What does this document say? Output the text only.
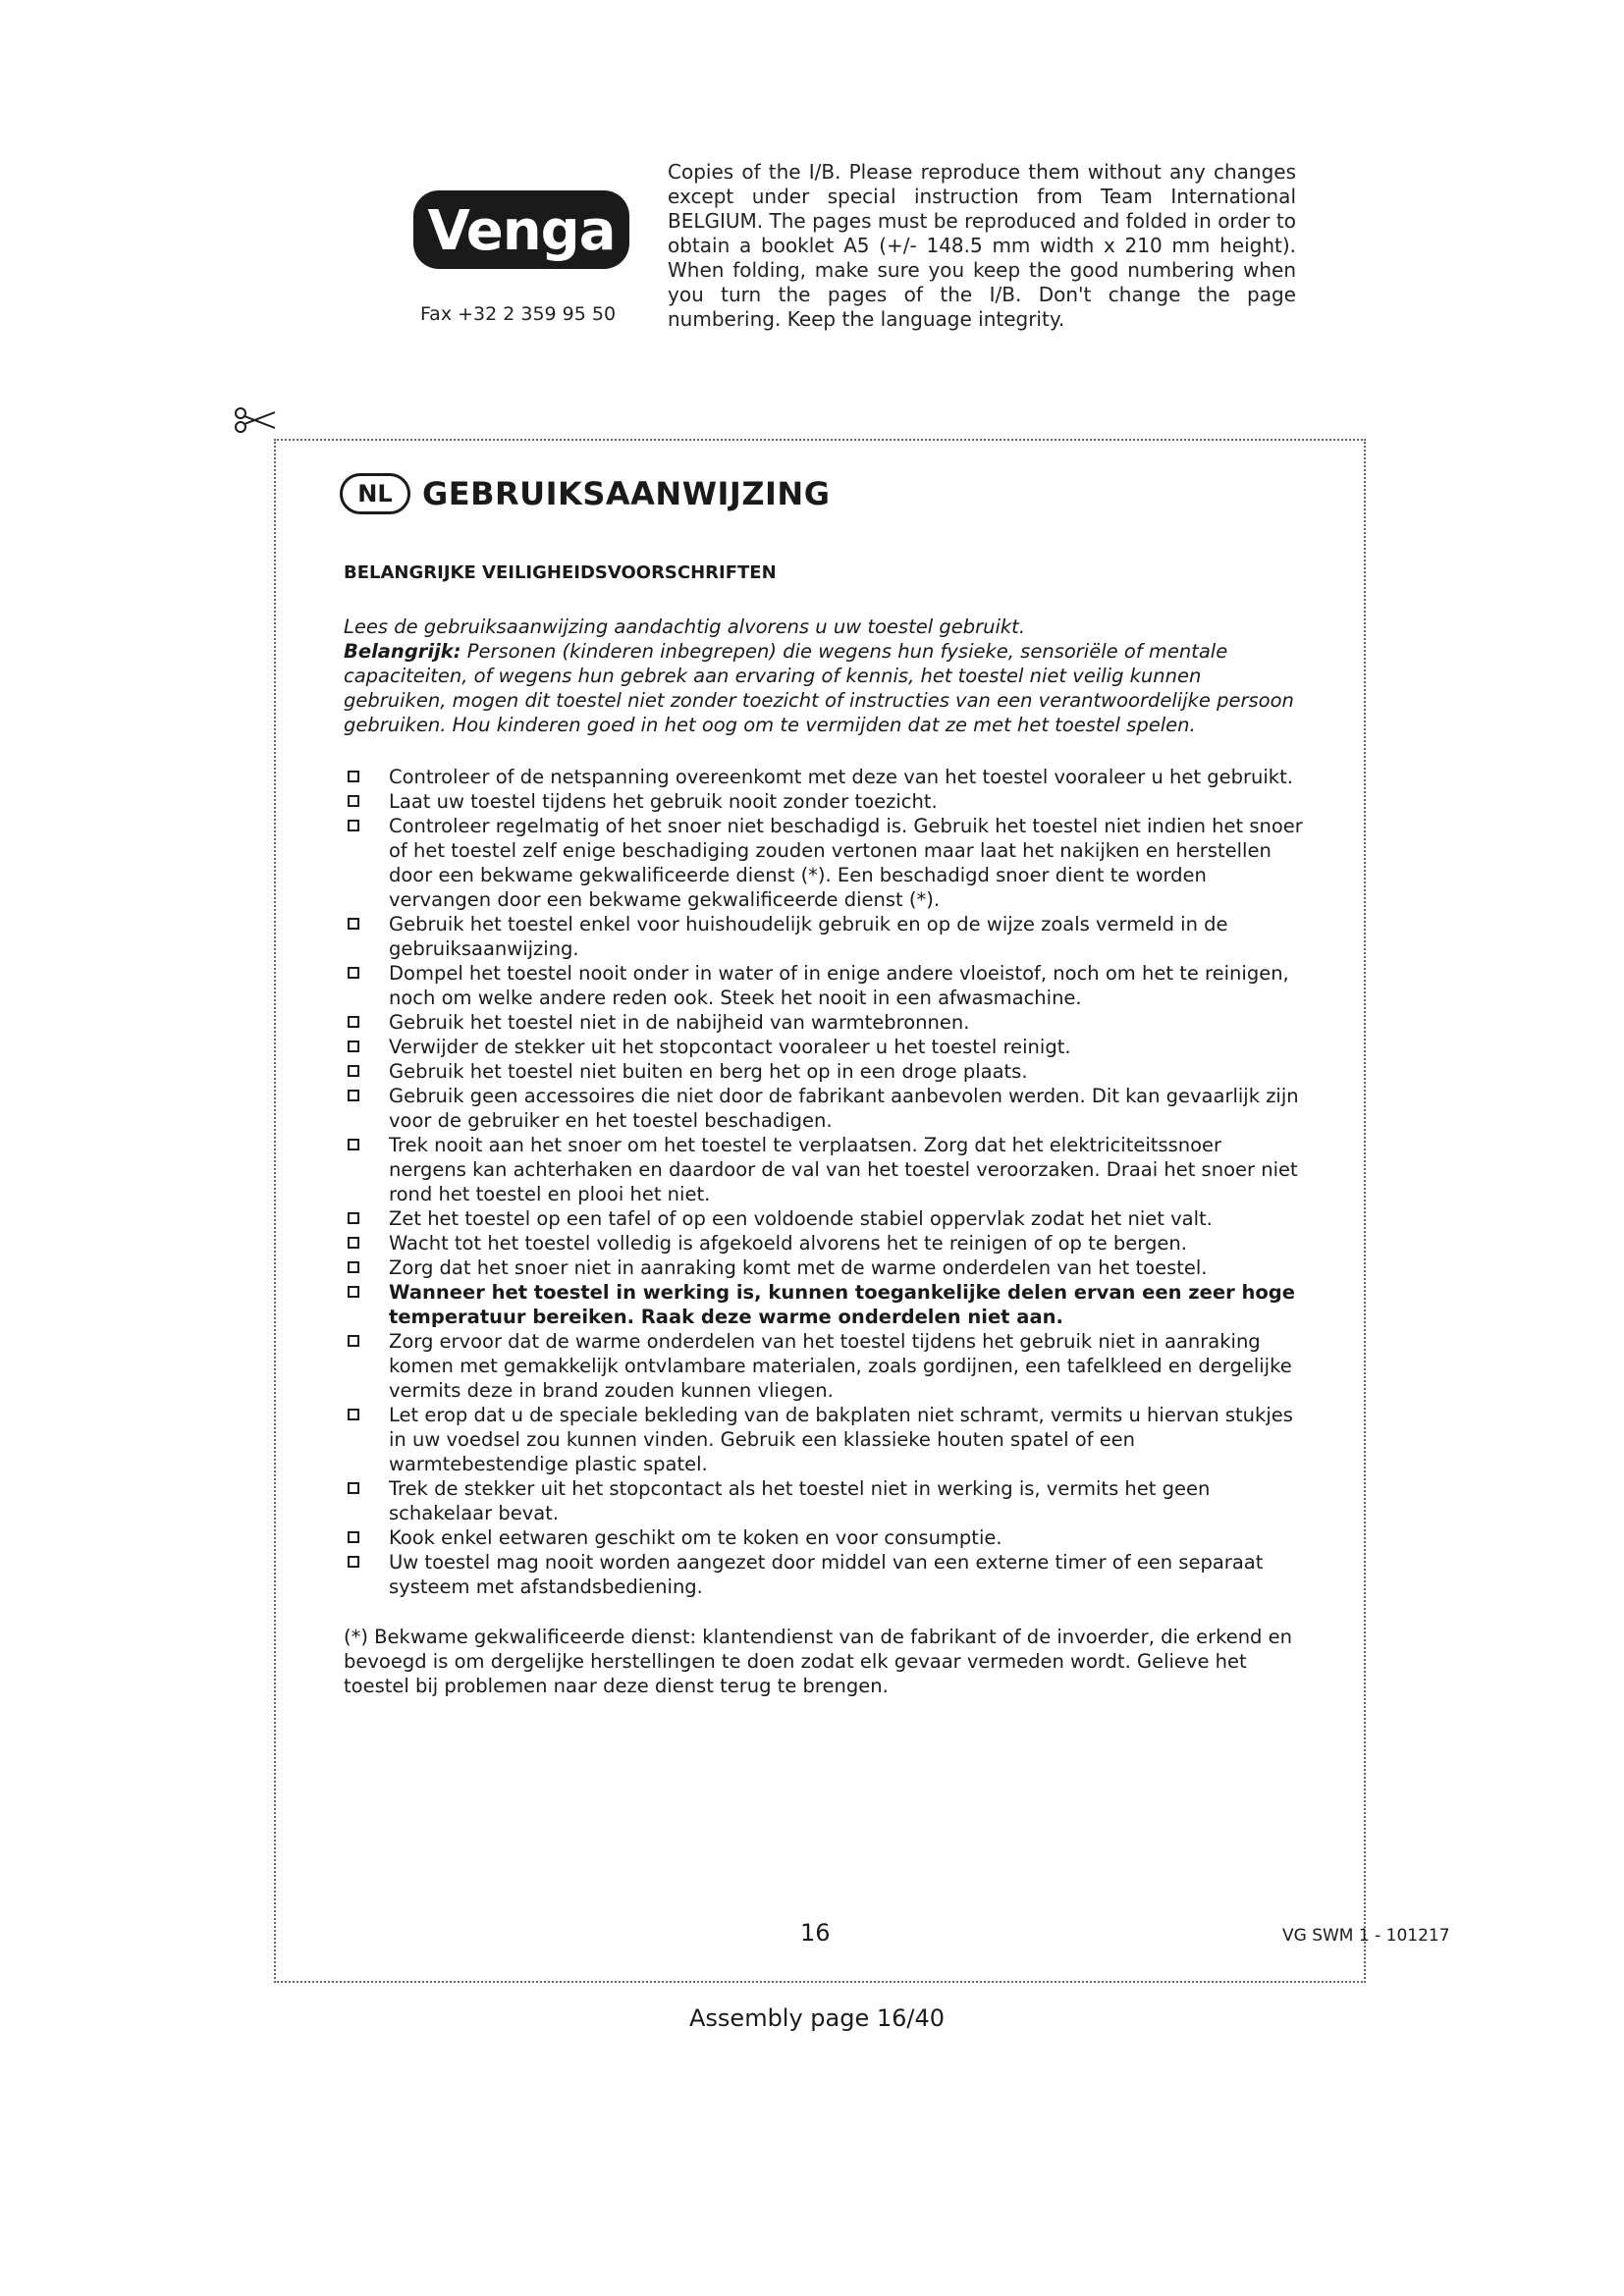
Venga
Fax +32 2 359 95 50
Copies of the I/B. Please reproduce them without any changes except under special instruction from Team International BELGIUM. The pages must be reproduced and folded in order to obtain a booklet A5 (+/- 148.5 mm width x 210 mm height). When folding, make sure you keep the good numbering when you turn the pages of the I/B. Don't change the page numbering. Keep the language integrity.
NL GEBRUIKSAANWIJZING

BELANGRIJKE VEILIGHEIDSVOORSCHRIFTEN

Lees de gebruiksaanwijzing aandachtig alvorens u uw toestel gebruikt.
Belangrijk: Personen (kinderen inbegrepen) die wegens hun fysieke, sensoriële of mentale capaciteiten, of wegens hun gebrek aan ervaring of kennis, het toestel niet veilig kunnen gebruiken, mogen dit toestel niet zonder toezicht of instructies van een verantwoordelijke persoon gebruiken. Hou kinderen goed in het oog om te vermijden dat ze met het toestel spelen.

Controleer of de netspanning overeenkomt met deze van het toestel vooraleer u het gebruikt.
Laat uw toestel tijdens het gebruik nooit zonder toezicht.
Controleer regelmatig of het snoer niet beschadigd is. Gebruik het toestel niet indien het snoer of het toestel zelf enige beschadiging zouden vertonen maar laat het nakijken en herstellen door een bekwame gekwalificeerde dienst (*). Een beschadigd snoer dient te worden vervangen door een bekwame gekwalificeerde dienst (*).
Gebruik het toestel enkel voor huishoudelijk gebruik en op de wijze zoals vermeld in de gebruiksaanwijzing.
Dompel het toestel nooit onder in water of in enige andere vloeistof, noch om het te reinigen, noch om welke andere reden ook. Steek het nooit in een afwasmachine.
Gebruik het toestel niet in de nabijheid van warmtebronnen.
Verwijder de stekker uit het stopcontact vooraleer u het toestel reinigt.
Gebruik het toestel niet buiten en berg het op in een droge plaats.
Gebruik geen accessoires die niet door de fabrikant aanbevolen werden. Dit kan gevaarlijk zijn voor de gebruiker en het toestel beschadigen.
Trek nooit aan het snoer om het toestel te verplaatsen. Zorg dat het elektriciteitssnoer nergens kan achterhaken en daardoor de val van het toestel veroorzaken. Draai het snoer niet rond het toestel en plooi het niet.
Zet het toestel op een tafel of op een voldoende stabiel oppervlak zodat het niet valt.
Wacht tot het toestel volledig is afgekoeld alvorens het te reinigen of op te bergen.
Zorg dat het snoer niet in aanraking komt met de warme onderdelen van het toestel.
Wanneer het toestel in werking is, kunnen toegankelijke delen ervan een zeer hoge temperatuur bereiken. Raak deze warme onderdelen niet aan.
Zorg ervoor dat de warme onderdelen van het toestel tijdens het gebruik niet in aanraking komen met gemakkelijk ontvlambare materialen, zoals gordijnen, een tafelkleed en dergelijke vermits deze in brand zouden kunnen vliegen.
Let erop dat u de speciale bekleding van de bakplaten niet schramt, vermits u hiervan stukjes in uw voedsel zou kunnen vinden. Gebruik een klassieke houten spatel of een warmtebestendige plastic spatel.
Trek de stekker uit het stopcontact als het toestel niet in werking is, vermits het geen schakelaar bevat.
Kook enkel eetwaren geschikt om te koken en voor consumptie.
Uw toestel mag nooit worden aangezet door middel van een externe timer of een separaat systeem met afstandsbediening.

(*) Bekwame gekwalificeerde dienst: klantendienst van de fabrikant of de invoerder, die erkend en bevoegd is om dergelijke herstellingen te doen zodat elk gevaar vermeden wordt. Gelieve het toestel bij problemen naar deze dienst terug te brengen.

16	VG SWM 1 - 101217
Assembly page 16/40
